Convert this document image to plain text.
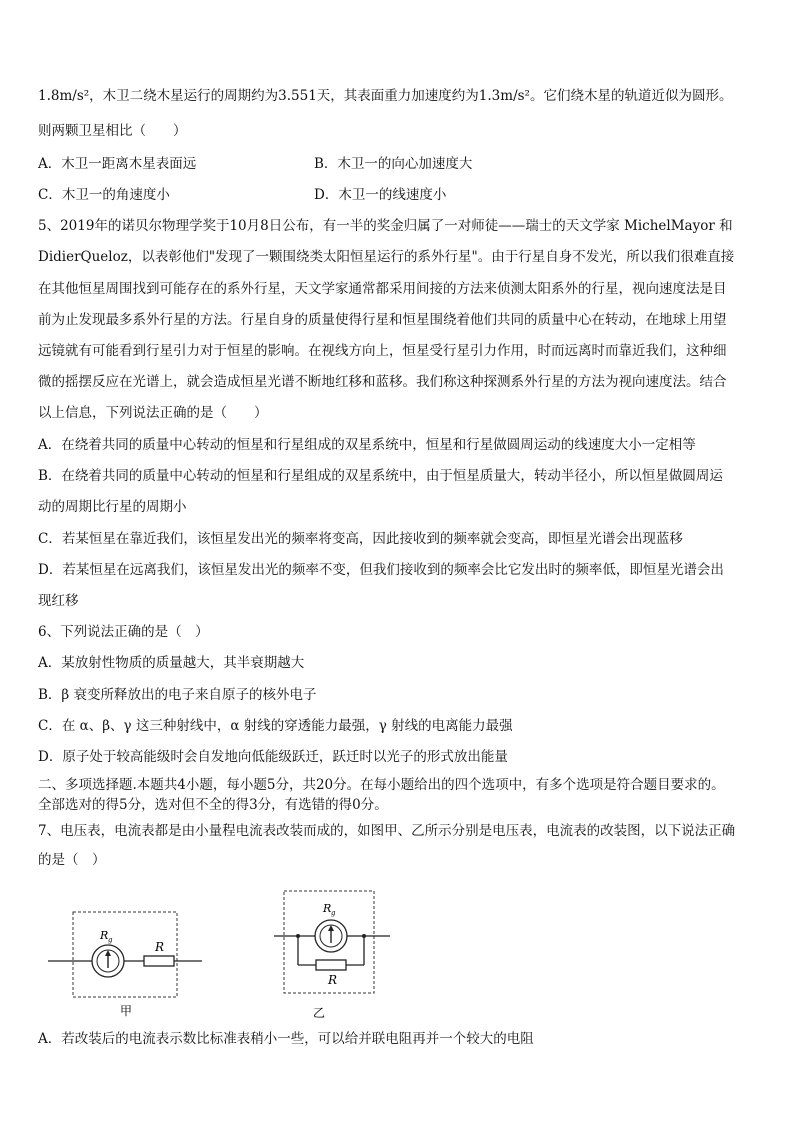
1.8m/s²，木卫二绕木星运行的周期约为3.551天，其表面重力加速度约为1.3m/s²。它们绕木星的轨道近似为圆形。
则两颗卫星相比（　　）
A．木卫一距离木星表面远	B．木卫一的向心加速度大
C．木卫一的角速度小	D．木卫一的线速度小
5、2019年的诺贝尔物理学奖于10月8日公布，有一半的奖金归属了一对师徒——瑞士的天文学家 MichelMayor 和
DidierQueloz，以表彰他们"发现了一颗围绕类太阳恒星运行的系外行星"。由于行星自身不发光，所以我们很难直接
在其他恒星周围找到可能存在的系外行星，天文学家通常都采用间接的方法来侦测太阳系外的行星，视向速度法是目
前为止发现最多系外行星的方法。行星自身的质量使得行星和恒星围绕着他们共同的质量中心在转动，在地球上用望
远镜就有可能看到行星引力对于恒星的影响。在视线方向上，恒星受行星引力作用，时而远离时而靠近我们，这种细
微的摇摆反应在光谱上，就会造成恒星光谱不断地红移和蓝移。我们称这种探测系外行星的方法为视向速度法。结合
以上信息，下列说法正确的是（　　）
A．在绕着共同的质量中心转动的恒星和行星组成的双星系统中，恒星和行星做圆周运动的线速度大小一定相等
B．在绕着共同的质量中心转动的恒星和行星组成的双星系统中，由于恒星质量大，转动半径小，所以恒星做圆周运
动的周期比行星的周期小
C．若某恒星在靠近我们，该恒星发出光的频率将变高，因此接收到的频率就会变高，即恒星光谱会出现蓝移
D．若某恒星在远离我们，该恒星发出光的频率不变，但我们接收到的频率会比它发出时的频率低，即恒星光谱会出
现红移
6、下列说法正确的是（　）
A．某放射性物质的质量越大，其半衰期越大
B．β 衰变所释放出的电子来自原子的核外电子
C．在 α、β、γ 这三种射线中，α 射线的穿透能力最强，γ 射线的电离能力最强
D．原子处于较高能级时会自发地向低能级跃迁，跃迁时以光子的形式放出能量
二、多项选择题.本题共4小题，每小题5分，共20分。在每小题给出的四个选项中，有多个选项是符合题目要求的。
全部选对的得5分，选对但不全的得3分，有选错的得0分。
7、电压表，电流表都是由小量程电流表改装而成的，如图甲、乙所示分别是电压表，电流表的改装图，以下说法正确
的是（　）
R g	R
甲
R g
R
乙
A．若改装后的电流表示数比标准表稍小一些，可以给并联电阻再并一个较大的电阻
